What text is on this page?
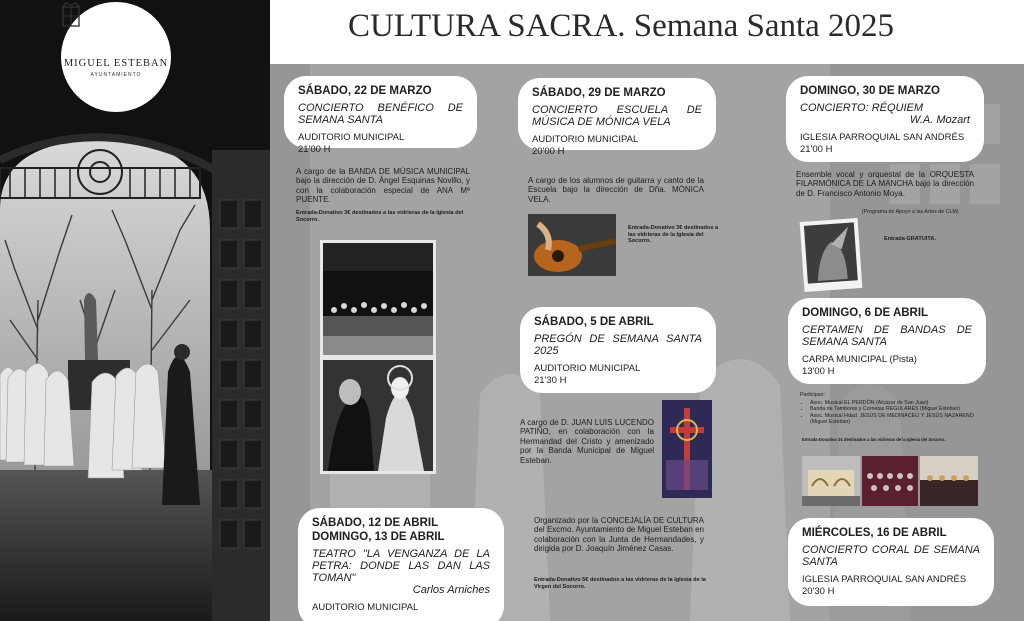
MIGUEL ESTEBAN
AYUNTAMIENTO
CULTURA SACRA. Semana Santa 2025
SÁBADO, 22 DE MARZO
CONCIERTO BENÉFICO DE SEMANA SANTA
AUDITORIO MUNICIPAL
21'00 H
A cargo de la BANDA DE MÚSICA MUNICIPAL bajo la dirección de D. Ángel Esquinas Novillo, y con la colaboración especial de ANA Mª PUENTE.
Entrada-Donativo 3€ destinados a las vidrieras de la Iglesia del Socorro.
SÁBADO, 29 DE MARZO
CONCIERTO ESCUELA DE MÚSICA DE MÓNICA VELA
AUDITORIO MUNICIPAL
20'00 H
A cargo de los alumnos de guitarra y canto de la Escuela bajo la dirección de Dña. MÓNICA VELA.
Entrada-Donativo 3€ destinados a las vidrieras de la Iglesia del Socorro.
DOMINGO, 30 DE MARZO
CONCIERTO: RÉQUIEM
W.A. Mozart
IGLESIA PARROQUIAL SAN ANDRÉS
21'00 H
Ensemble vocal y orquestal de la ORQUESTA FILARMÓNICA DE LA MANCHA bajo la dirección de D. Francisco Antonio Moya.
(Programa de Apoyo a las Artes de CLM)
Entrada GRATUITA.
SÁBADO, 5 DE ABRIL
PREGÓN DE SEMANA SANTA 2025
AUDITORIO MUNICIPAL
21'30 H
A cargo de D. JUAN LUIS LUCENDO PATIÑO, en colaboración con la Hermandad del Cristo y amenizado por la Banda Municipal de Miguel Esteban.
DOMINGO, 6 DE ABRIL
CERTAMEN DE BANDAS DE SEMANA SANTA
CARPA MUNICIPAL (Pista)
13'00 H
Participan:
• Asoc. Musical EL PERDÓN (Alcázar de San Juan)
• Banda de Tambores y Cornetas REGULARES (Miguel Esteban)
• Asoc. Musical Hdad. JESÚS DE MEDINACELI Y JESÚS NAZARENO (Miguel Esteban)
Entrada-Donativo 3€ destinados a las vidrieras de la Iglesia del Socorro.
SÁBADO, 12 DE ABRIL
DOMINGO, 13 DE ABRIL
TEATRO "LA VENGANZA DE LA PETRA: DONDE LAS DAN LAS TOMAN"
Carlos Arniches
AUDITORIO MUNICIPAL
Organizado por la CONCEJALÍA DE CULTURA del Excmo. Ayuntamiento de Miguel Esteban en colaboración con la Junta de Hermandades, y dirigida por D. Joaquín Jiménez Casas.
Entrada-Donativo 5€ destinados a las vidrieras de la Iglesia de la Virgen del Socorro.
MIÉRCOLES, 16 DE ABRIL
CONCIERTO CORAL DE SEMANA SANTA
IGLESIA PARROQUIAL SAN ANDRÉS
20'30 H
